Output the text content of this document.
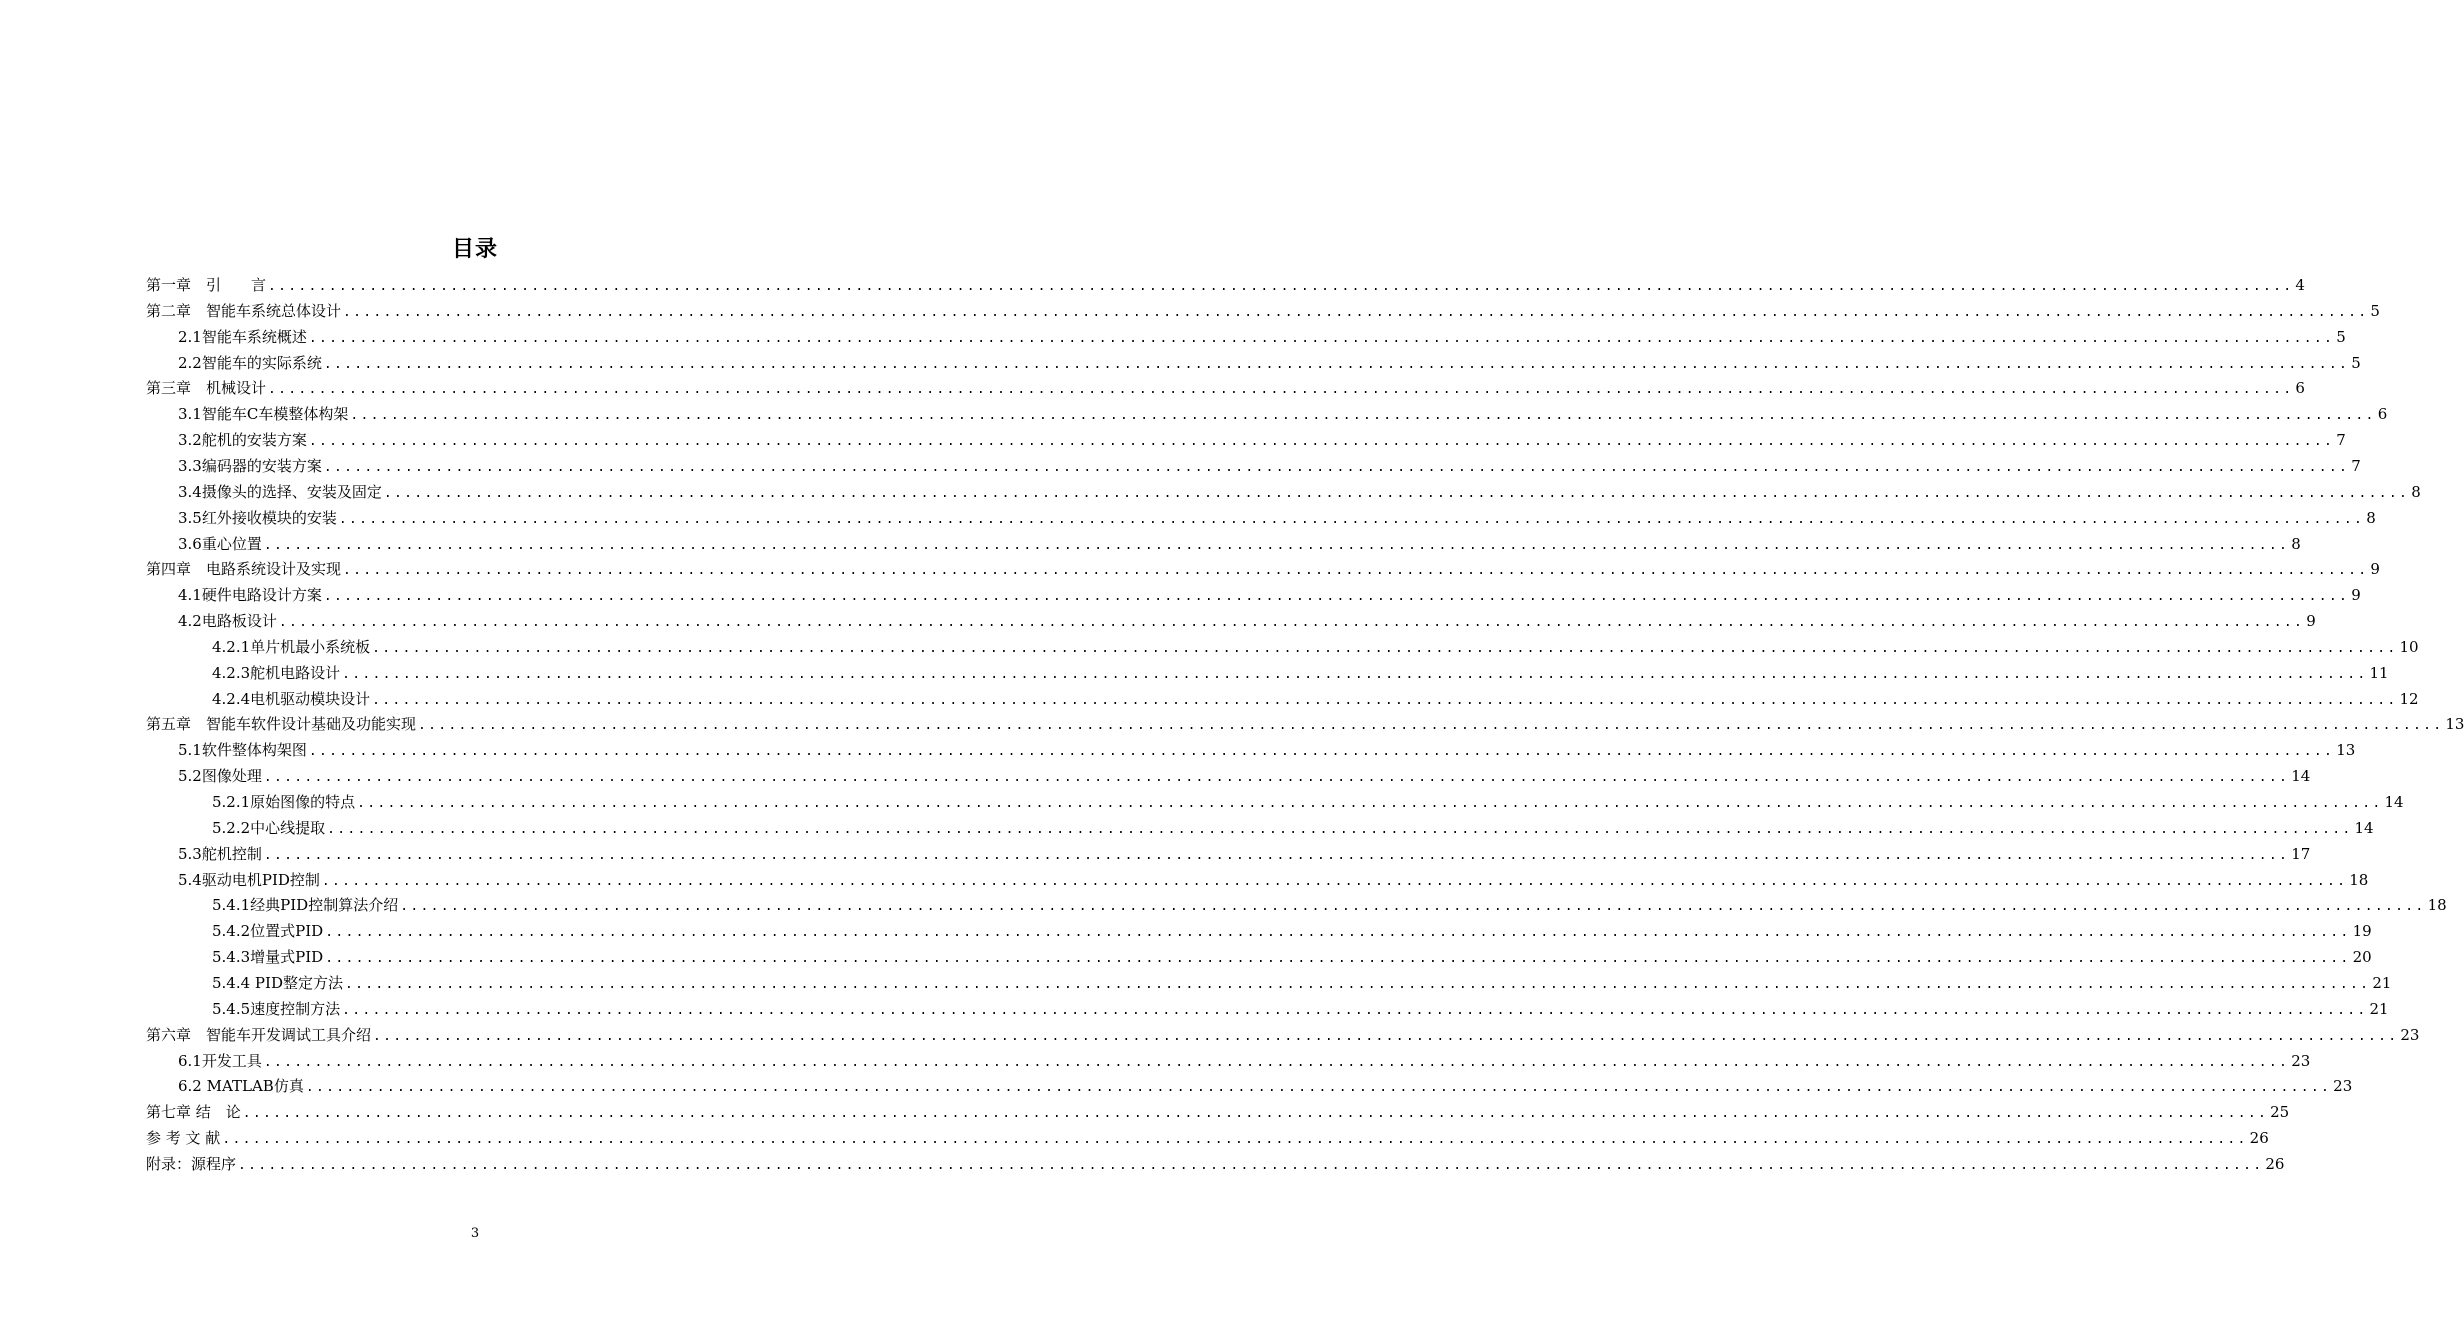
目录
第一章　引　　言 ........................................................................................................................................................................................................ 4
第二章　智能车系统总体设计 ........................................................................................................................................................................................................ 5
2.1智能车系统概述 ........................................................................................................................................................................................................ 5
2.2智能车的实际系统 ........................................................................................................................................................................................................ 5
第三章　机械设计 ........................................................................................................................................................................................................ 6
3.1智能车C车模整体构架 ........................................................................................................................................................................................................ 6
3.2舵机的安装方案 ........................................................................................................................................................................................................ 7
3.3编码器的安装方案 ........................................................................................................................................................................................................ 7
3.4摄像头的选择、安装及固定 ........................................................................................................................................................................................................ 8
3.5红外接收模块的安装 ........................................................................................................................................................................................................ 8
3.6重心位置 ........................................................................................................................................................................................................ 8
第四章　电路系统设计及实现 ........................................................................................................................................................................................................ 9
4.1硬件电路设计方案 ........................................................................................................................................................................................................ 9
4.2电路板设计 ........................................................................................................................................................................................................ 9
4.2.1单片机最小系统板 ........................................................................................................................................................................................................ 10
4.2.3舵机电路设计 ........................................................................................................................................................................................................ 11
4.2.4电机驱动模块设计 ........................................................................................................................................................................................................ 12
第五章　智能车软件设计基础及功能实现 ........................................................................................................................................................................................................ 13
5.1软件整体构架图 ........................................................................................................................................................................................................ 13
5.2图像处理 ........................................................................................................................................................................................................ 14
5.2.1原始图像的特点 ........................................................................................................................................................................................................ 14
5.2.2中心线提取 ........................................................................................................................................................................................................ 14
5.3舵机控制 ........................................................................................................................................................................................................ 17
5.4驱动电机PID控制 ........................................................................................................................................................................................................ 18
5.4.1经典PID控制算法介绍 ........................................................................................................................................................................................................ 18
5.4.2位置式PID ........................................................................................................................................................................................................ 19
5.4.3增量式PID ........................................................................................................................................................................................................ 20
5.4.4 PID整定方法 ........................................................................................................................................................................................................ 21
5.4.5速度控制方法 ........................................................................................................................................................................................................ 21
第六章　智能车开发调试工具介绍 ........................................................................................................................................................................................................ 23
6.1开发工具 ........................................................................................................................................................................................................ 23
6.2 MATLAB仿真 ........................................................................................................................................................................................................ 23
第七章 结　论 ........................................................................................................................................................................................................ 25
参 考 文 献 ........................................................................................................................................................................................................ 26
附录：源程序 ........................................................................................................................................................................................................ 26
3
